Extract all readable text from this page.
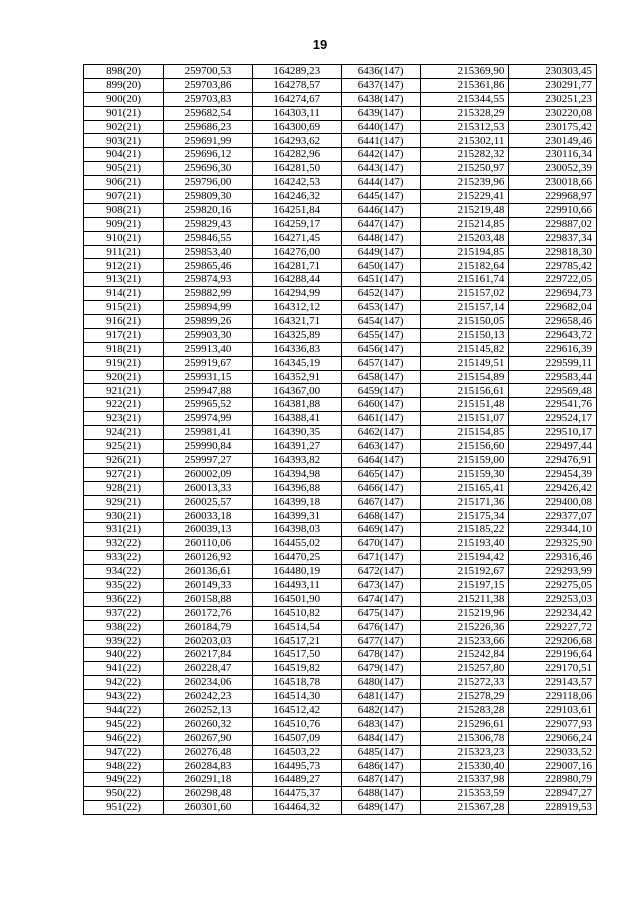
19
898(20)	259700,53	164289,23	6436(147)	215369,90	230303,45
899(20)	259703,86	164278,57	6437(147)	215361,86	230291,77
900(20)	259703,83	164274,67	6438(147)	215344,55	230251,23
901(21)	259682,54	164303,11	6439(147)	215328,29	230220,08
902(21)	259686,23	164300,69	6440(147)	215312,53	230175,42
903(21)	259691,99	164293,62	6441(147)	215302,11	230149,46
904(21)	259696,12	164282,96	6442(147)	215282,32	230116,34
905(21)	259696,30	164281,50	6443(147)	215250,97	230052,39
906(21)	259796,00	164242,53	6444(147)	215239,96	230018,66
907(21)	259809,30	164246,32	6445(147)	215229,41	229968,97
908(21)	259820,16	164251,84	6446(147)	215219,48	229910,66
909(21)	259829,43	164259,17	6447(147)	215214,85	229887,02
910(21)	259846,55	164271,45	6448(147)	215203,48	229837,34
911(21)	259853,40	164276,00	6449(147)	215194,85	229818,30
912(21)	259865,46	164281,71	6450(147)	215182,64	229785,42
913(21)	259874,93	164288,44	6451(147)	215161,74	229722,05
914(21)	259882,99	164294,99	6452(147)	215157,02	229694,73
915(21)	259894,99	164312,12	6453(147)	215157,14	229682,04
916(21)	259899,26	164321,71	6454(147)	215150,05	229658,46
917(21)	259903,30	164325,89	6455(147)	215150,13	229643,72
918(21)	259913,40	164336,83	6456(147)	215145,82	229616,39
919(21)	259919,67	164345,19	6457(147)	215149,51	229599,11
920(21)	259931,15	164352,91	6458(147)	215154,89	229583,44
921(21)	259947,88	164367,00	6459(147)	215156,61	229569,48
922(21)	259965,52	164381,88	6460(147)	215151,48	229541,76
923(21)	259974,99	164388,41	6461(147)	215151,07	229524,17
924(21)	259981,41	164390,35	6462(147)	215154,85	229510,17
925(21)	259990,84	164391,27	6463(147)	215156,60	229497,44
926(21)	259997,27	164393,82	6464(147)	215159,00	229476,91
927(21)	260002,09	164394,98	6465(147)	215159,30	229454,39
928(21)	260013,33	164396,88	6466(147)	215165,41	229426,42
929(21)	260025,57	164399,18	6467(147)	215171,36	229400,08
930(21)	260033,18	164399,31	6468(147)	215175,34	229377,07
931(21)	260039,13	164398,03	6469(147)	215185,22	229344,10
932(22)	260110,06	164455,02	6470(147)	215193,40	229325,90
933(22)	260126,92	164470,25	6471(147)	215194,42	229316,46
934(22)	260136,61	164480,19	6472(147)	215192,67	229293,99
935(22)	260149,33	164493,11	6473(147)	215197,15	229275,05
936(22)	260158,88	164501,90	6474(147)	215211,38	229253,03
937(22)	260172,76	164510,82	6475(147)	215219,96	229234,42
938(22)	260184,79	164514,54	6476(147)	215226,36	229227,72
939(22)	260203,03	164517,21	6477(147)	215233,66	229206,68
940(22)	260217,84	164517,50	6478(147)	215242,84	229196,64
941(22)	260228,47	164519,82	6479(147)	215257,80	229170,51
942(22)	260234,06	164518,78	6480(147)	215272,33	229143,57
943(22)	260242,23	164514,30	6481(147)	215278,29	229118,06
944(22)	260252,13	164512,42	6482(147)	215283,28	229103,61
945(22)	260260,32	164510,76	6483(147)	215296,61	229077,93
946(22)	260267,90	164507,09	6484(147)	215306,78	229066,24
947(22)	260276,48	164503,22	6485(147)	215323,23	229033,52
948(22)	260284,83	164495,73	6486(147)	215330,40	229007,16
949(22)	260291,18	164489,27	6487(147)	215337,98	228980,79
950(22)	260298,48	164475,37	6488(147)	215353,59	228947,27
951(22)	260301,60	164464,32	6489(147)	215367,28	228919,53
